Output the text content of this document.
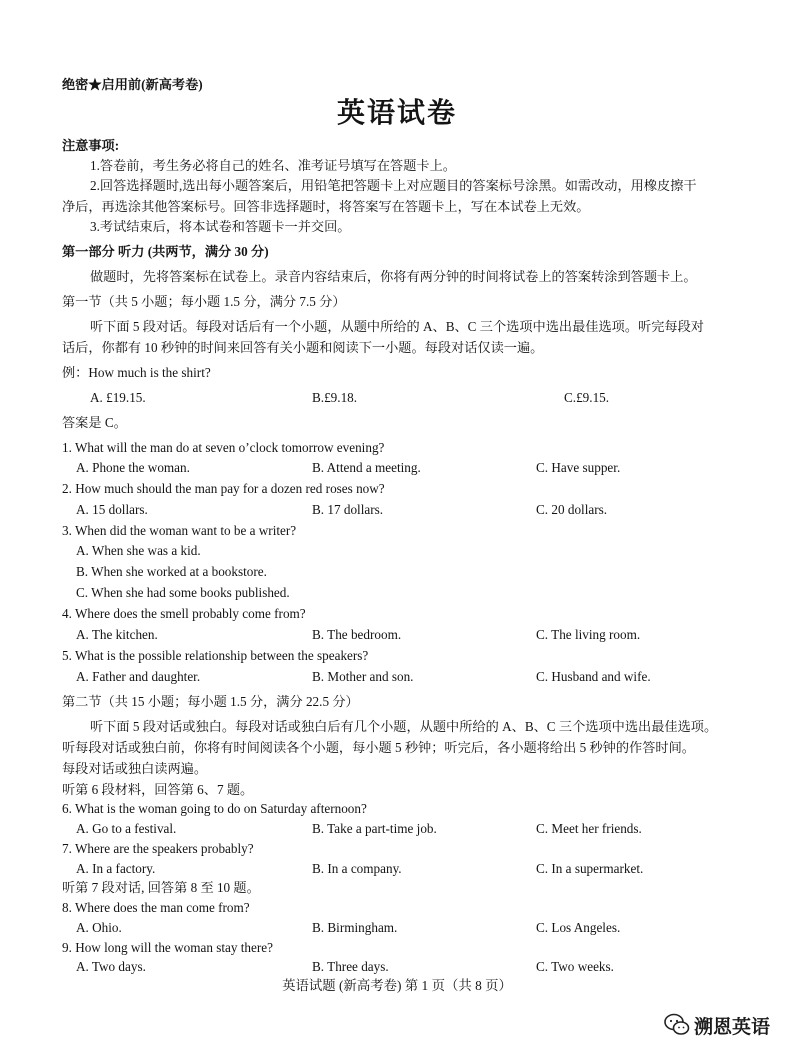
绝密★启用前(新高考卷)
英语试卷
注意事项:
1.答卷前，考生务必将自己的姓名、准考证号填写在答题卡上。
2.回答选择题时,选出每小题答案后，用铅笔把答题卡上对应题目的答案标号涂黑。如需改动，用橡皮擦干
净后，再选涂其他答案标号。回答非选择题时，将答案写在答题卡上，写在本试卷上无效。
3.考试结束后，将本试卷和答题卡一并交回。
第一部分 听力 (共两节，满分 30 分)
做题时，先将答案标在试卷上。录音内容结束后，你将有两分钟的时间将试卷上的答案转涂到答题卡上。
第一节（共 5 小题；每小题 1.5 分，满分 7.5 分）
听下面 5 段对话。每段对话后有一个小题，从题中所给的 A、B、C 三个选项中选出最佳选项。听完每段对
话后，你都有 10 秒钟的时间来回答有关小题和阅读下一小题。每段对话仅读一遍。
例：How much is the shirt?
A. £19.15.	B.£9.18.	C.£9.15.
答案是 C。
1. What will the man do at seven o’clock tomorrow evening?
A. Phone the woman.	B. Attend a meeting.	C. Have supper.
2. How much should the man pay for a dozen red roses now?
A. 15 dollars.	B. 17 dollars.	C. 20 dollars.
3. When did the woman want to be a writer?
A. When she was a kid.
B. When she worked at a bookstore.
C. When she had some books published.
4. Where does the smell probably come from?
A. The kitchen.	B. The bedroom.	C. The living room.
5. What is the possible relationship between the speakers?
A. Father and daughter.	B. Mother and son.	C. Husband and wife.
第二节（共 15 小题；每小题 1.5 分，满分 22.5 分）
听下面 5 段对话或独白。每段对话或独白后有几个小题，从题中所给的 A、B、C 三个选项中选出最佳选项。
听每段对话或独白前，你将有时间阅读各个小题，每小题 5 秒钟；听完后，各小题将给出 5 秒钟的作答时间。
每段对话或独白读两遍。
听第 6 段材料，回答第 6、7 题。
6. What is the woman going to do on Saturday afternoon?
A. Go to a festival.	B. Take a part-time job.	C. Meet her friends.
7. Where are the speakers probably?
A. In a factory.	B. In a company.	C. In a supermarket.
听第 7 段对话, 回答第 8 至 10 题。
8. Where does the man come from?
A. Ohio.	B. Birmingham.	C. Los Angeles.
9. How long will the woman stay there?
A. Two days.	B. Three days.	C. Two weeks.
英语试题 (新高考卷) 第 1 页（共 8 页）
溯恩英语
